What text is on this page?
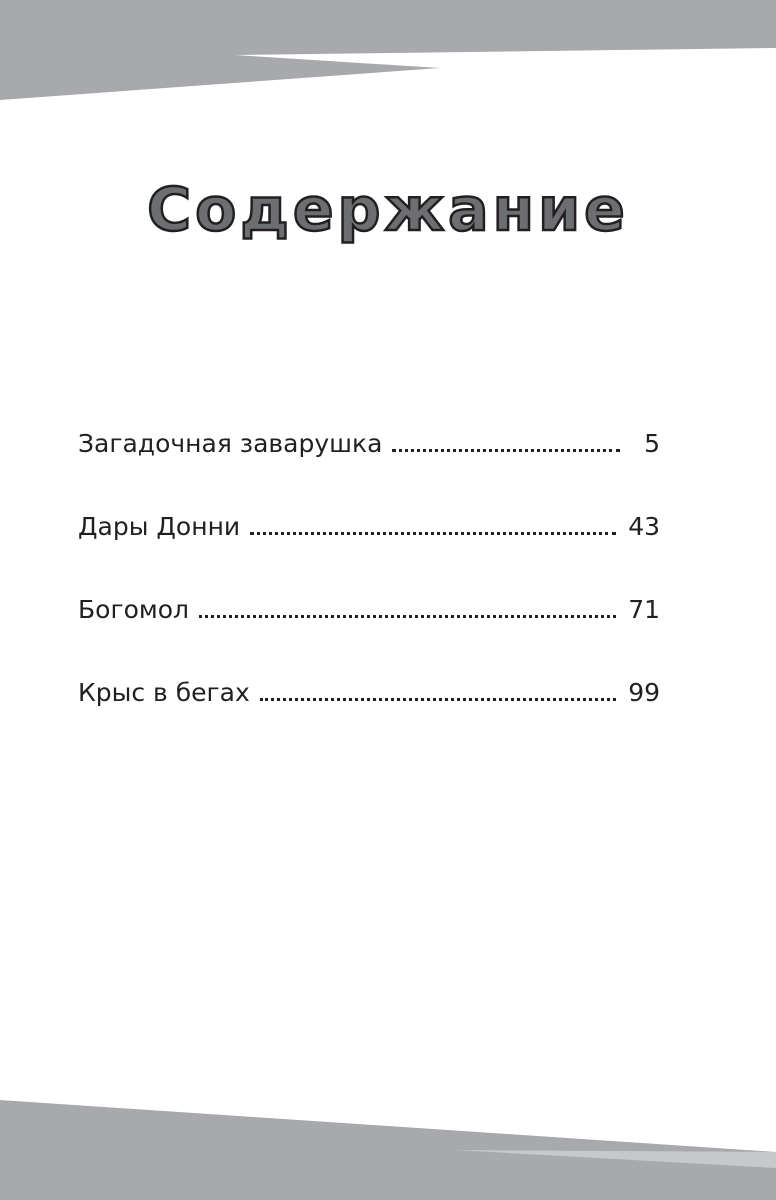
Содержание
Загадочная заварушка	5
Дары Донни	43
Богомол	71
Крыс в бегах	99
